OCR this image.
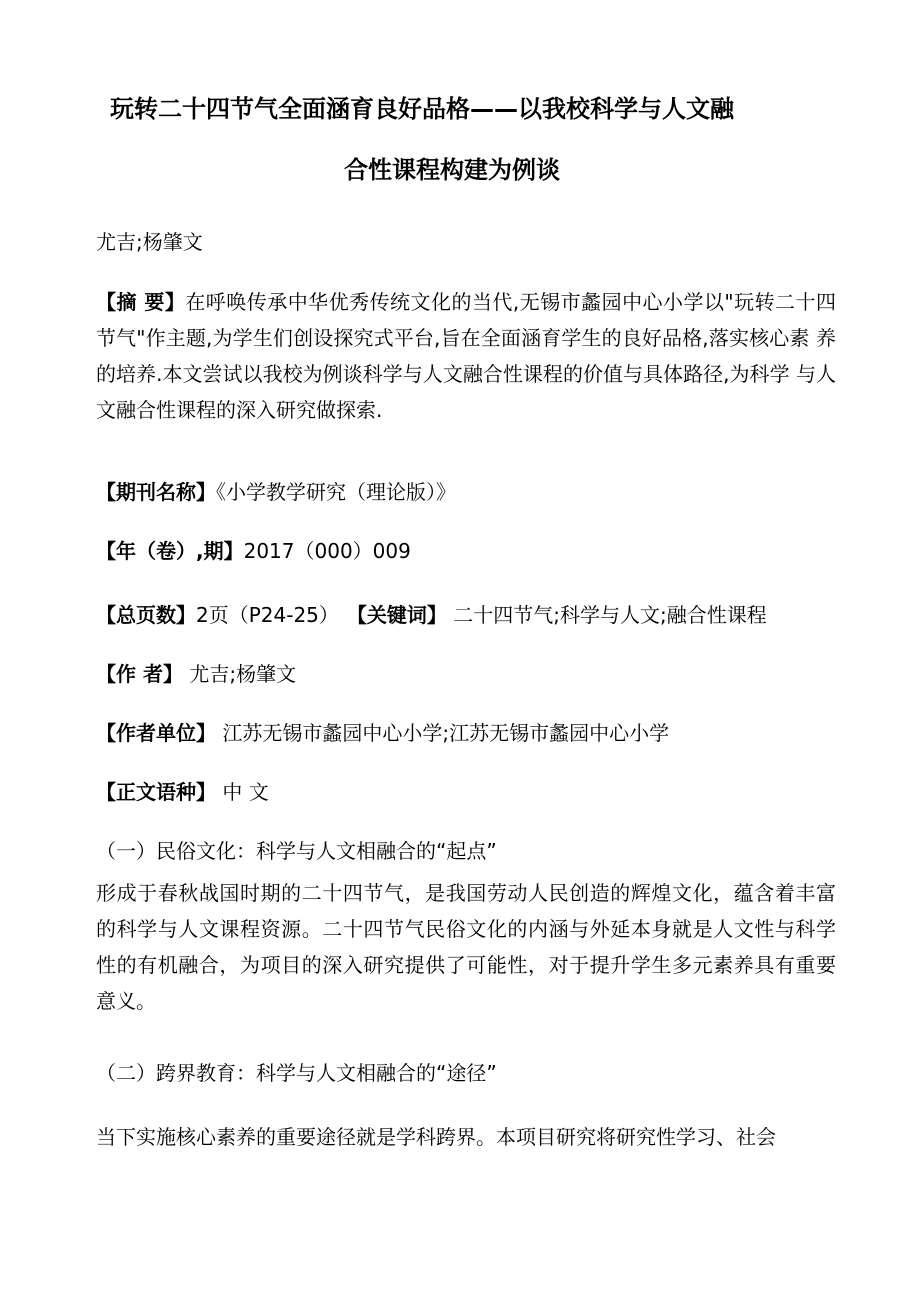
玩转二十四节气全面涵育良好品格——以我校科学与人文融
合性课程构建为例谈
尤吉;杨肇文
【摘 要】在呼唤传承中华优秀传统文化的当代,无锡市蠡园中心小学以"玩转二十四 节气"作主题,为学生们创设探究式平台,旨在全面涵育学生的良好品格,落实核心素 养的培养.本文尝试以我校为例谈科学与人文融合性课程的价值与具体路径,为科学 与人文融合性课程的深入研究做探索.
【期刊名称】《小学教学研究（理论版）》
【年（卷）,期】2017（000）009
【总页数】2页（P24-25） 【关键词】 二十四节气;科学与人文;融合性课程
【作 者】 尤吉;杨肇文
【作者单位】 江苏无锡市蠡园中心小学;江苏无锡市蠡园中心小学
【正文语种】 中 文
（一）民俗文化：科学与人文相融合的“起点”
形成于春秋战国时期的二十四节气，是我国劳动人民创造的辉煌文化，蕴含着丰富 的科学与人文课程资源。二十四节气民俗文化的内涵与外延本身就是人文性与科学 性的有机融合，为项目的深入研究提供了可能性，对于提升学生多元素养具有重要 意义。
（二）跨界教育：科学与人文相融合的“途径”
当下实施核心素养的重要途径就是学科跨界。本项目研究将研究性学习、社会
